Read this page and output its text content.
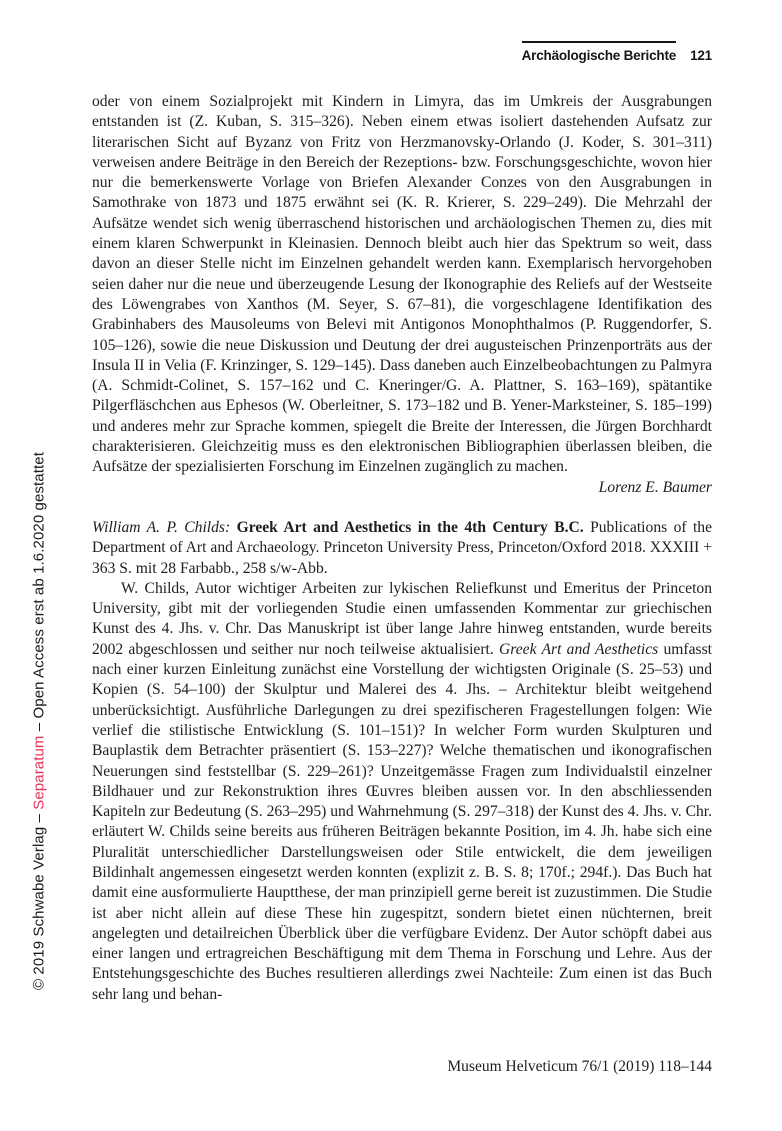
Archäologische Berichte 121
© 2019 Schwabe Verlag – Separatum – Open Access erst ab 1.6.2020 gestattet

oder von einem Sozialprojekt mit Kindern in Limyra, das im Umkreis der Ausgrabungen entstanden ist (Z. Kuban, S. 315–326). Neben einem etwas isoliert dastehenden Aufsatz zur literarischen Sicht auf Byzanz von Fritz von Herzmanovsky-Orlando (J. Koder, S. 301–311) verweisen andere Beiträge in den Bereich der Rezeptions- bzw. Forschungsgeschichte, wovon hier nur die bemerkenswerte Vorlage von Briefen Alexander Conzes von den Ausgrabungen in Samothrake von 1873 und 1875 erwähnt sei (K. R. Krierer, S. 229–249). Die Mehrzahl der Aufsätze wendet sich wenig überraschend historischen und archäologischen Themen zu, dies mit einem klaren Schwerpunkt in Kleinasien. Dennoch bleibt auch hier das Spektrum so weit, dass davon an dieser Stelle nicht im Einzelnen gehandelt werden kann. Exemplarisch hervorgehoben seien daher nur die neue und überzeugende Lesung der Ikonographie des Reliefs auf der Westseite des Löwengrabes von Xanthos (M. Seyer, S. 67–81), die vorgeschlagene Identifikation des Grabinhabers des Mausoleums von Belevi mit Antigonos Monophthalmos (P. Ruggendorfer, S. 105–126), sowie die neue Diskussion und Deutung der drei augusteischen Prinzenporträts aus der Insula II in Velia (F. Krinzinger, S. 129–145). Dass daneben auch Einzelbeobachtungen zu Palmyra (A. Schmidt-Colinet, S. 157–162 und C. Kneringer/G. A. Plattner, S. 163–169), spätantike Pilgerfläschchen aus Ephesos (W. Oberleitner, S. 173–182 und B. Yener-Marksteiner, S. 185–199) und anderes mehr zur Sprache kommen, spiegelt die Breite der Interessen, die Jürgen Borchhardt charakterisieren. Gleichzeitig muss es den elektronischen Bibliographien überlassen bleiben, die Aufsätze der spezialisierten Forschung im Einzelnen zugänglich zu machen.

Lorenz E. Baumer

William A. P. Childs: Greek Art and Aesthetics in the 4th Century B.C. Publications of the Department of Art and Archaeology. Princeton University Press, Princeton/Oxford 2018. XXXIII + 363 S. mit 28 Farbabb., 258 s/w-Abb.

W. Childs, Autor wichtiger Arbeiten zur lykischen Reliefkunst und Emeritus der Princeton University, gibt mit der vorliegenden Studie einen umfassenden Kommentar zur griechischen Kunst des 4. Jhs. v. Chr. Das Manuskript ist über lange Jahre hinweg entstanden, wurde bereits 2002 abgeschlossen und seither nur noch teilweise aktualisiert. Greek Art and Aesthetics umfasst nach einer kurzen Einleitung zunächst eine Vorstellung der wichtigsten Originale (S. 25–53) und Kopien (S. 54–100) der Skulptur und Malerei des 4. Jhs. – Architektur bleibt weitgehend unberücksichtigt. Ausführliche Darlegungen zu drei spezifischeren Fragestellungen folgen: Wie verlief die stilistische Entwicklung (S. 101–151)? In welcher Form wurden Skulpturen und Bauplastik dem Betrachter präsentiert (S. 153–227)? Welche thematischen und ikonografischen Neuerungen sind feststellbar (S. 229–261)? Unzeitgemässe Fragen zum Individualstil einzelner Bildhauer und zur Rekonstruktion ihres Œuvres bleiben aussen vor. In den abschliessenden Kapiteln zur Bedeutung (S. 263–295) und Wahrnehmung (S. 297–318) der Kunst des 4. Jhs. v. Chr. erläutert W. Childs seine bereits aus früheren Beiträgen bekannte Position, im 4. Jh. habe sich eine Pluralität unterschiedlicher Darstellungsweisen oder Stile entwickelt, die dem jeweiligen Bildinhalt angemessen eingesetzt werden konnten (explizit z. B. S. 8; 170f.; 294f.). Das Buch hat damit eine ausformulierte Hauptthese, der man prinzipiell gerne bereit ist zuzustimmen. Die Studie ist aber nicht allein auf diese These hin zugespitzt, sondern bietet einen nüchternen, breit angelegten und detailreichen Überblick über die verfügbare Evidenz. Der Autor schöpft dabei aus einer langen und ertragreichen Beschäftigung mit dem Thema in Forschung und Lehre. Aus der Entstehungsgeschichte des Buches resultieren allerdings zwei Nachteile: Zum einen ist das Buch sehr lang und behan-

Museum Helveticum 76/1 (2019) 118–144
